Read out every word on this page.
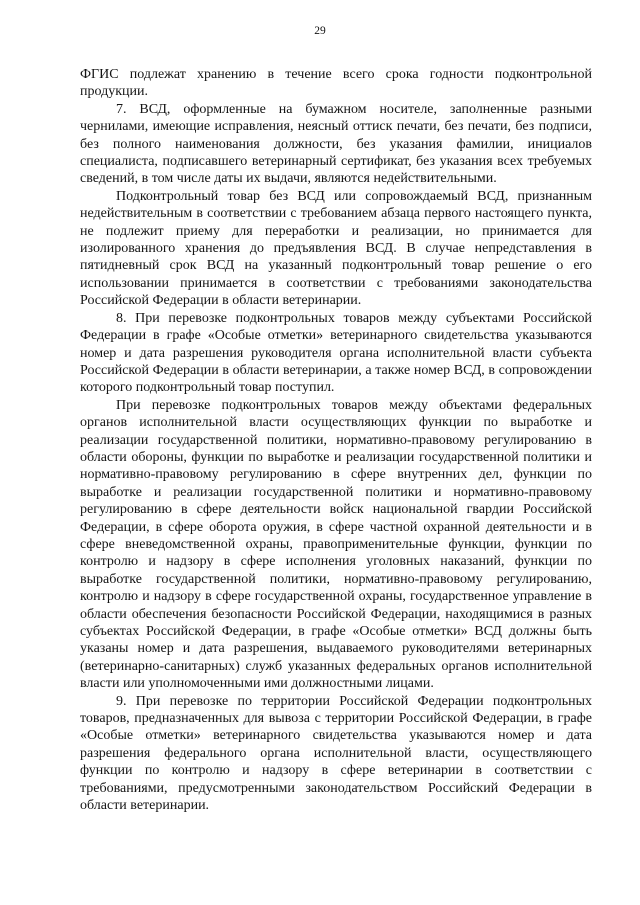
29

ФГИС подлежат хранению в течение всего срока годности подконтрольной продукции.

7. ВСД, оформленные на бумажном носителе, заполненные разными чернилами, имеющие исправления, неясный оттиск печати, без печати, без подписи, без полного наименования должности, без указания фамилии, инициалов специалиста, подписавшего ветеринарный сертификат, без указания всех требуемых сведений, в том числе даты их выдачи, являются недействительными.

Подконтрольный товар без ВСД или сопровождаемый ВСД, признанным недействительным в соответствии с требованием абзаца первого настоящего пункта, не подлежит приему для переработки и реализации, но принимается для изолированного хранения до предъявления ВСД. В случае непредставления в пятидневный срок ВСД на указанный подконтрольный товар решение о его использовании принимается в соответствии с требованиями законодательства Российской Федерации в области ветеринарии.

8. При перевозке подконтрольных товаров между субъектами Российской Федерации в графе «Особые отметки» ветеринарного свидетельства указываются номер и дата разрешения руководителя органа исполнительной власти субъекта Российской Федерации в области ветеринарии, а также номер ВСД, в сопровождении которого подконтрольный товар поступил.

При перевозке подконтрольных товаров между объектами федеральных органов исполнительной власти осуществляющих функции по выработке и реализации государственной политики, нормативно-правовому регулированию в области обороны, функции по выработке и реализации государственной политики и нормативно-правовому регулированию в сфере внутренних дел, функции по выработке и реализации государственной политики и нормативно-правовому регулированию в сфере деятельности войск национальной гвардии Российской Федерации, в сфере оборота оружия, в сфере частной охранной деятельности и в сфере вневедомственной охраны, правоприменительные функции, функции по контролю и надзору в сфере исполнения уголовных наказаний, функции по выработке государственной политики, нормативно-правовому регулированию, контролю и надзору в сфере государственной охраны, государственное управление в области обеспечения безопасности Российской Федерации, находящимися в разных субъектах Российской Федерации, в графе «Особые отметки» ВСД должны быть указаны номер и дата разрешения, выдаваемого руководителями ветеринарных (ветеринарно-санитарных) служб указанных федеральных органов исполнительной власти или уполномоченными ими должностными лицами.

9. При перевозке по территории Российской Федерации подконтрольных товаров, предназначенных для вывоза с территории Российской Федерации, в графе «Особые отметки» ветеринарного свидетельства указываются номер и дата разрешения федерального органа исполнительной власти, осуществляющего функции по контролю и надзору в сфере ветеринарии в соответствии с требованиями, предусмотренными законодательством Российский Федерации в области ветеринарии.
